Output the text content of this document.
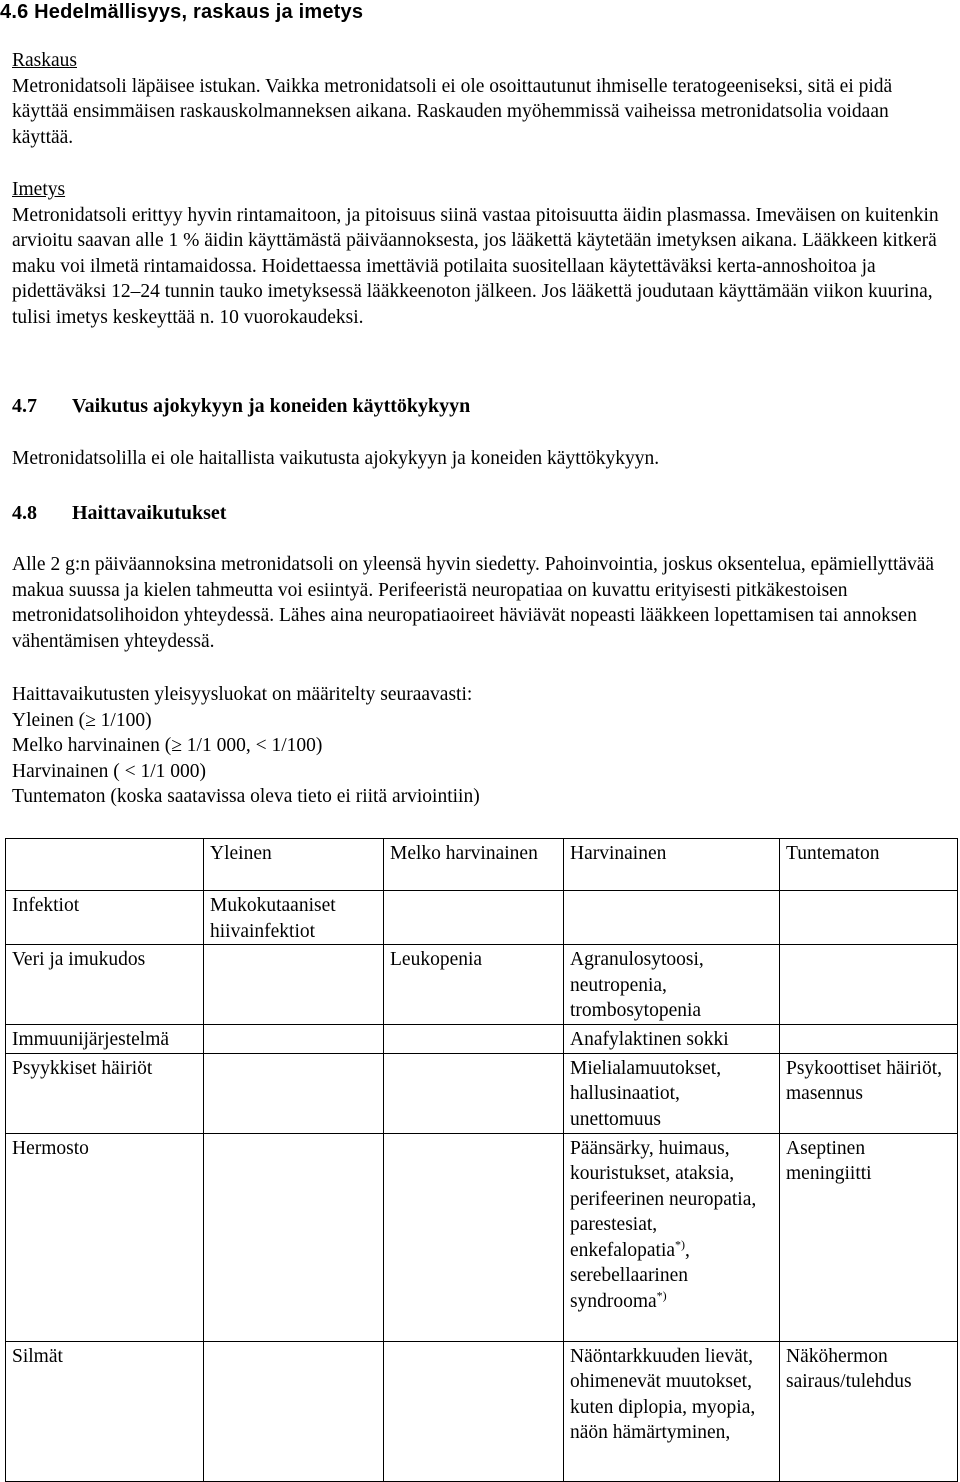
4.6 Hedelmällisyys, raskaus ja imetys

Raskaus

Metronidatsoli läpäisee istukan. Vaikka metronidatsoli ei ole osoittautunut ihmiselle teratogeeniseksi, sitä ei pidä käyttää ensimmäisen raskauskolmanneksen aikana. Raskauden myöhemmissä vaiheissa metronidatsolia voidaan käyttää.

Imetys

Metronidatsoli erittyy hyvin rintamaitoon, ja pitoisuus siinä vastaa pitoisuutta äidin plasmassa. Imeväisen on kuitenkin arvioitu saavan alle 1 % äidin käyttämästä päiväannoksesta, jos lääkettä käytetään imetyksen aikana. Lääkkeen kitkerä maku voi ilmetä rintamaidossa. Hoidettaessa imettäviä potilaita suositellaan käytettäväksi kerta-annoshoitoa ja pidettäväksi 12–24 tunnin tauko imetyksessä lääkkeenoton jälkeen. Jos lääkettä joudutaan käyttämään viikon kuurina, tulisi imetys keskeyttää n. 10 vuorokaudeksi.

4.7 Vaikutus ajokykyyn ja koneiden käyttökykyyn

Metronidatsolilla ei ole haitallista vaikutusta ajokykyyn ja koneiden käyttökykyyn.

4.8 Haittavaikutukset

Alle 2 g:n päiväannoksina metronidatsoli on yleensä hyvin siedetty. Pahoinvointia, joskus oksentelua, epämiellyttävää makua suussa ja kielen tahmeutta voi esiintyä. Perifeeristä neuropatiaa on kuvattu erityisesti pitkäkestoisen metronidatsolihoidon yhteydessä. Lähes aina neuropatiaoireet häviävät nopeasti lääkkeen lopettamisen tai annoksen vähentämisen yhteydessä.

Haittavaikutusten yleisyysluokat on määritelty seuraavasti:

Yleinen (≥ 1/100)

Melko harvinainen (≥ 1/1 000, < 1/100)

Harvinainen ( < 1/1 000)

Tuntematon (koska saatavissa oleva tieto ei riitä arviointiin)

	Yleinen	Melko harvinainen	Harvinainen	Tuntematon
Infektiot	Mukokutaaniset hiivainfektiot			
Veri ja imukudos		Leukopenia	Agranulosytoosi, neutropenia, trombosytopenia	
Immuunijärjestelmä			Anafylaktinen sokki	
Psyykkiset häiriöt			Mielialamuutokset, hallusinaatiot, unettomuus	Psykoottiset häiriöt, masennus
Hermosto			Päänsärky, huimaus, kouristukset, ataksia, perifeerinen neuropatia, parestesiat, enkefalopatia*), serebellaarinen syndrooma*)	Aseptinen meningiitti
Silmät			Näöntarkkuuden lievät, ohimenevät muutokset, kuten diplopia, myopia, näön hämärtyminen,	Näköhermon sairaus/tulehdus
